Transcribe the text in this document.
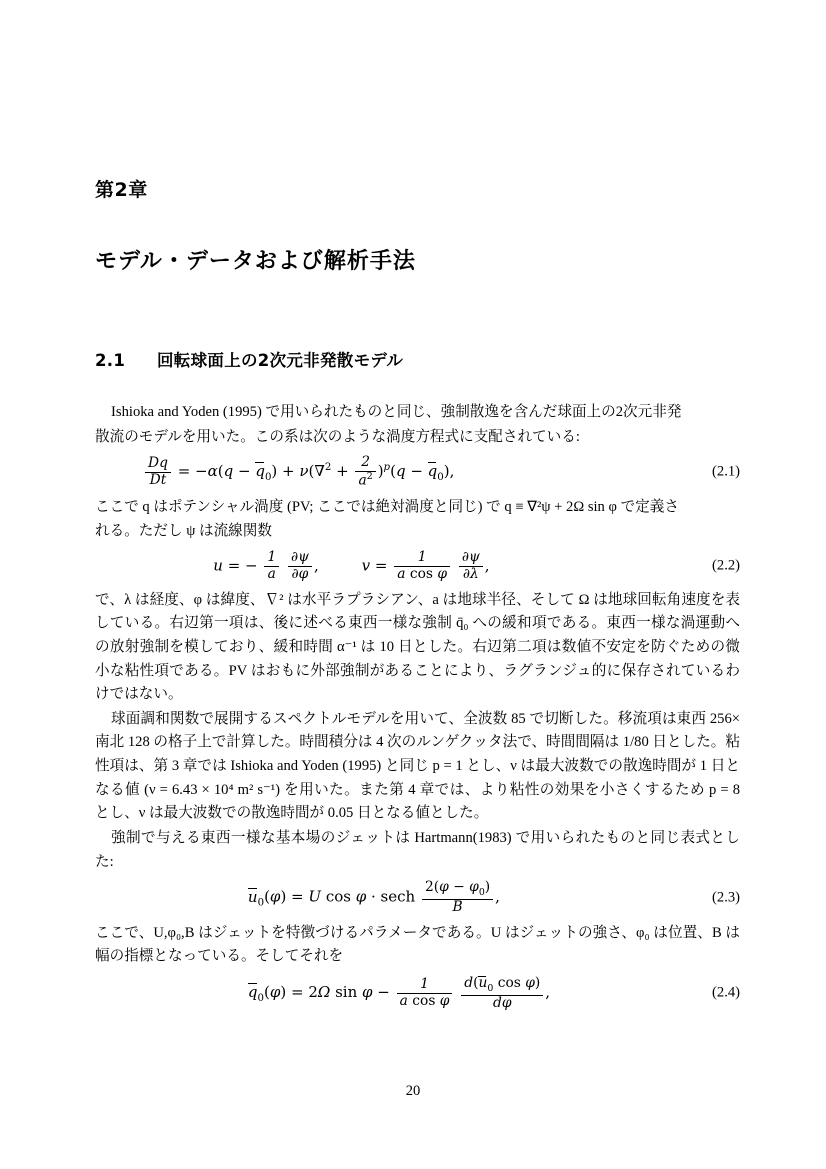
第2章
モデル・データおよび解析手法
2.1 回転球面上の2次元非発散モデル

Ishioka and Yoden (1995) で用いられたものと同じ、強制散逸を含んだ球面上の2次元非発

散流のモデルを用いた。この系は次のような渦度方程式に支配されている:

$\frac{Dq}{Dt} = -\alpha(q - q_0) + \nu(\nabla^2 + \frac{2}{a^2} )^p(q - q_0)$,	(2.1)

ここで q はポテンシャル渦度 (PV; ここでは絶対渦度と同じ) で q ≡ ∇²ψ + 2Ω sin φ で定義さ

れる。ただし ψ は流線関数

u = − $\frac{1}{a}$
$\frac{\partial\psi}{\partial\varphi}$ ,         $v = \frac{1}{\text{a cos φ}}$
$\frac{\partial\psi}{\partial\lambda}$ ,	(2.2)

で、λ は経度、φ は緯度、∇² は水平ラプラシアン、a は地球半径、そして Ω は地球回転角速度を表している。右辺第一項は、後に述べる東西一様な強制 q̄₀ への緩和項である。東西一様な渦運動への放射強制を模しており、緩和時間 α⁻¹ は 10 日とした。右辺第二項は数値不安定を防ぐための微小な粘性項である。PV はおもに外部強制があることにより、ラグランジュ的に保存されているわけではない。

球面調和関数で展開するスペクトルモデルを用いて、全波数 85 で切断した。移流項は東西 256× 南北 128 の格子上で計算した。時間積分は 4 次のルンゲクッタ法で、時間間隔は 1/80 日とした。粘性項は、第 3 章では Ishioka and Yoden (1995) と同じ p = 1 とし、ν は最大波数での散逸時間が 1 日となる値 (ν = 6.43 × 10⁴ m² s⁻¹) を用いた。また第 4 章では、より粘性の効果を小さくするため p = 8 とし、ν は最大波数での散逸時間が 0.05 日となる値とした。

強制で与える東西一様な基本場のジェットは Hartmann(1983) で用いられたものと同じ表式とした:

$u_0(\varphi) = U$ cos φ · sech $\frac{2(\varphi - \varphi_0)}{B}$ ,	(2.3)

ここで、U,φ₀,B はジェットを特徴づけるパラメータである。U はジェットの強さ、φ₀ は位置、B は幅の指標となっている。そしてそれを

$q_0(\varphi) = 2\Omega$ $\sin \varphi - \frac{1}{\text{a cos φ}}$
$\frac{d(u_0 \cos \varphi)}{d\varphi}$ ,	(2.4)
20
